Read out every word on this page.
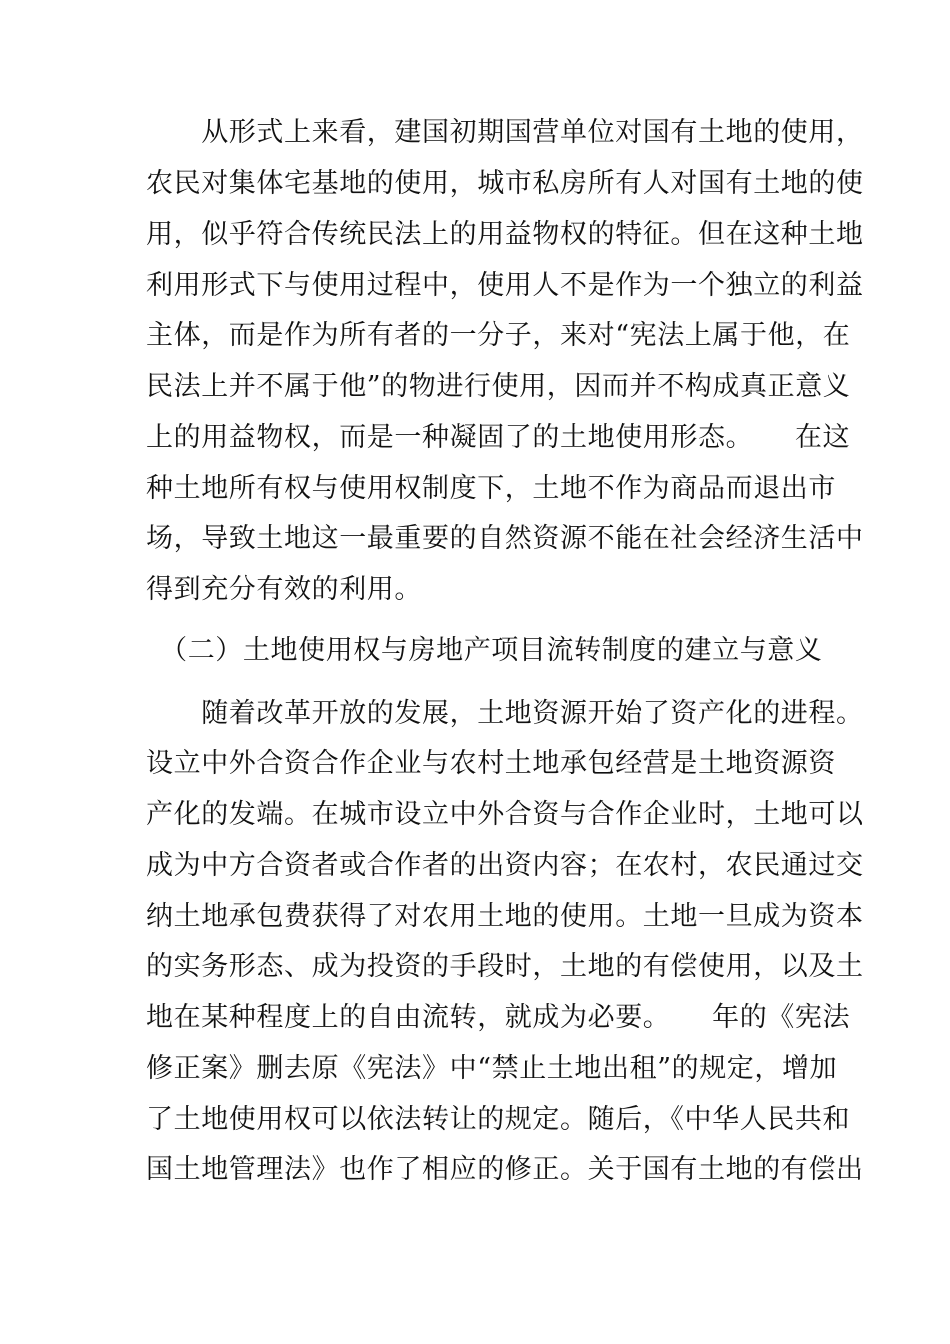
　　从形式上来看，建国初期国营单位对国有土地的使用，
农民对集体宅基地的使用，城市私房所有人对国有土地的使
用，似乎符合传统民法上的用益物权的特征。但在这种土地
利用形式下与使用过程中，使用人不是作为一个独立的利益
主体，而是作为所有者的一分子，来对“宪法上属于他，在
民法上并不属于他”的物进行使用，因而并不构成真正意义
上的用益物权，而是一种凝固了的土地使用形态。　　在这
种土地所有权与使用权制度下，土地不作为商品而退出市
场，导致土地这一最重要的自然资源不能在社会经济生活中
得到充分有效的利用。
　（二）土地使用权与房地产项目流转制度的建立与意义
　　随着改革开放的发展，土地资源开始了资产化的进程。
设立中外合资合作企业与农村土地承包经营是土地资源资
产化的发端。在城市设立中外合资与合作企业时，土地可以
成为中方合资者或合作者的出资内容；在农村，农民通过交
纳土地承包费获得了对农用土地的使用。土地一旦成为资本
的实务形态、成为投资的手段时，土地的有偿使用，以及土
地在某种程度上的自由流转，就成为必要。　　年的《宪法
修正案》删去原《宪法》中“禁止土地出租”的规定，增加
了土地使用权可以依法转让的规定。随后，《中华人民共和
国土地管理法》也作了相应的修正。关于国有土地的有偿出
